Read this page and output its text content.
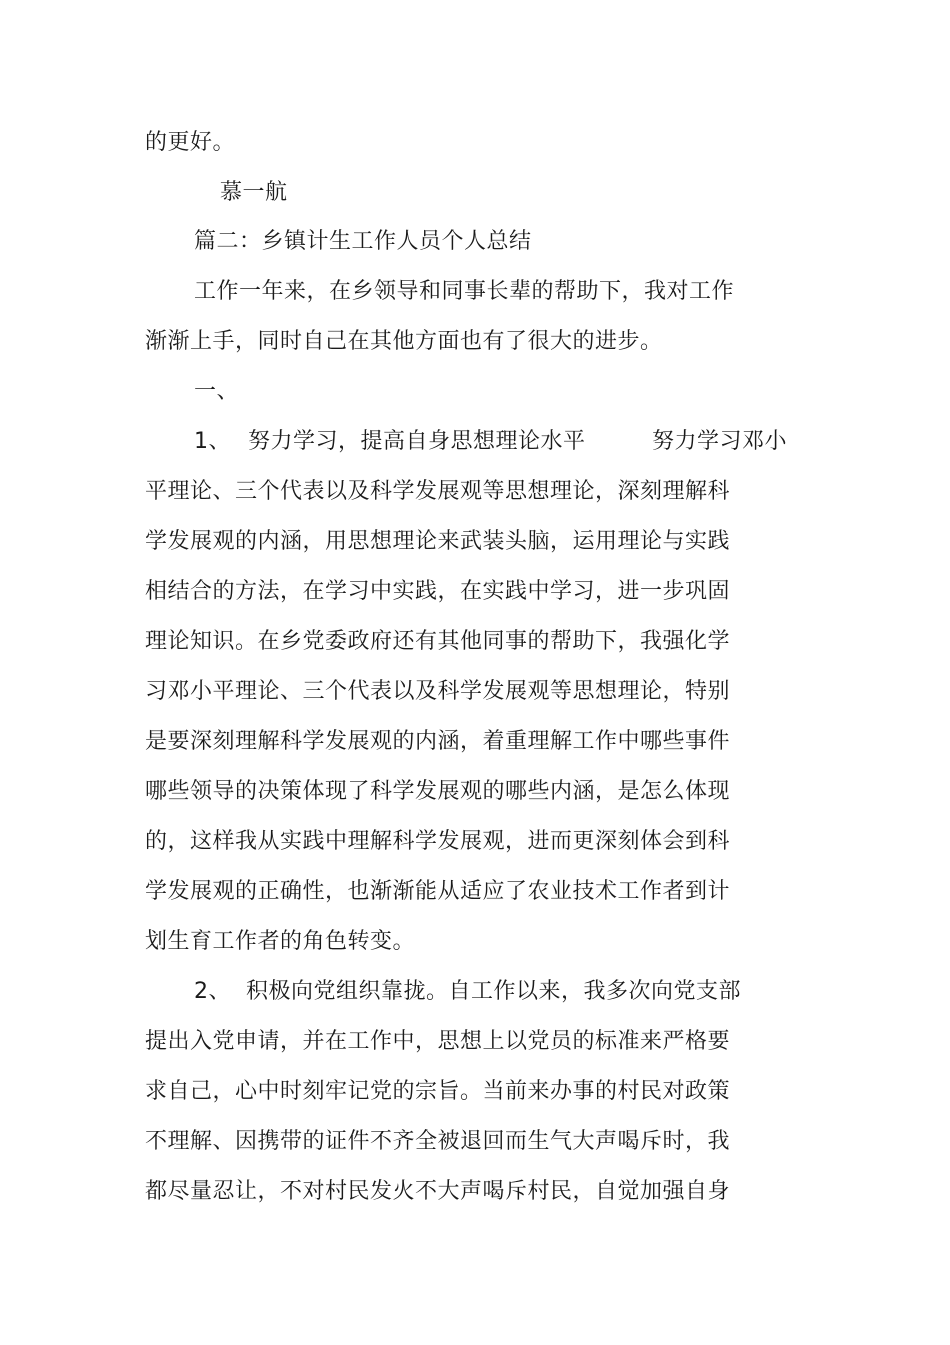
的更好。
慕一航
篇二：乡镇计生工作人员个人总结
工作一年来，在乡领导和同事长辈的帮助下，我对工作
渐渐上手，同时自己在其他方面也有了很大的进步。
一、
1、 努力学习，提高自身思想理论水平	努力学习邓小
平理论、三个代表以及科学发展观等思想理论，深刻理解科
学发展观的内涵，用思想理论来武装头脑，运用理论与实践
相结合的方法，在学习中实践，在实践中学习，进一步巩固
理论知识。在乡党委政府还有其他同事的帮助下，我强化学
习邓小平理论、三个代表以及科学发展观等思想理论，特别
是要深刻理解科学发展观的内涵，着重理解工作中哪些事件
哪些领导的决策体现了科学发展观的哪些内涵，是怎么体现
的，这样我从实践中理解科学发展观，进而更深刻体会到科
学发展观的正确性，也渐渐能从适应了农业技术工作者到计
划生育工作者的角色转变。
2、 积极向党组织靠拢。自工作以来，我多次向党支部
提出入党申请，并在工作中，思想上以党员的标准来严格要
求自己，心中时刻牢记党的宗旨。当前来办事的村民对政策
不理解、因携带的证件不齐全被退回而生气大声喝斥时，我
都尽量忍让，不对村民发火不大声喝斥村民，自觉加强自身
